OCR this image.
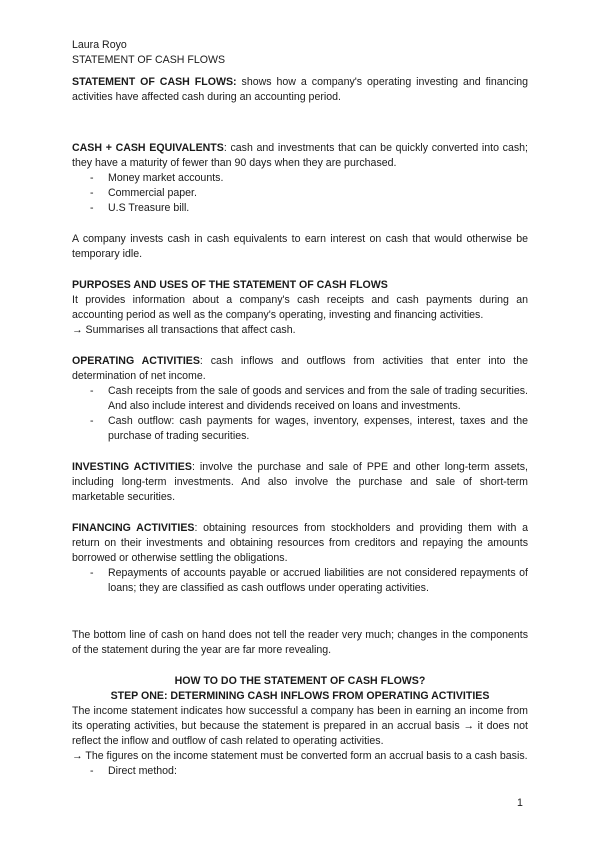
Laura Royo

STATEMENT OF CASH FLOWS

STATEMENT OF CASH FLOWS: shows how a company's operating investing and financing activities have affected cash during an accounting period.

CASH + CASH EQUIVALENTS: cash and investments that can be quickly converted into cash; they have a maturity of fewer than 90 days when they are purchased.

- Money market accounts.
- Commercial paper.
- U.S Treasure bill.

A company invests cash in cash equivalents to earn interest on cash that would otherwise be temporary idle.

PURPOSES AND USES OF THE STATEMENT OF CASH FLOWS

It provides information about a company's cash receipts and cash payments during an accounting period as well as the company's operating, investing and financing activities.

→ Summarises all transactions that affect cash.

OPERATING ACTIVITIES: cash inflows and outflows from activities that enter into the determination of net income.

- Cash receipts from the sale of goods and services and from the sale of trading securities. And also include interest and dividends received on loans and investments.
- Cash outflow: cash payments for wages, inventory, expenses, interest, taxes and the purchase of trading securities.

INVESTING ACTIVITIES: involve the purchase and sale of PPE and other long-term assets, including long-term investments. And also involve the purchase and sale of short-term marketable securities.

FINANCING ACTIVITIES: obtaining resources from stockholders and providing them with a return on their investments and obtaining resources from creditors and repaying the amounts borrowed or otherwise settling the obligations.

- Repayments of accounts payable or accrued liabilities are not considered repayments of loans; they are classified as cash outflows under operating activities.

The bottom line of cash on hand does not tell the reader very much; changes in the components of the statement during the year are far more revealing.

HOW TO DO THE STATEMENT OF CASH FLOWS?

STEP ONE: DETERMINING CASH INFLOWS FROM OPERATING ACTIVITIES

The income statement indicates how successful a company has been in earning an income from its operating activities, but because the statement is prepared in an accrual basis → it does not reflect the inflow and outflow of cash related to operating activities.

→ The figures on the income statement must be converted form an accrual basis to a cash basis.

- Direct method:
1
